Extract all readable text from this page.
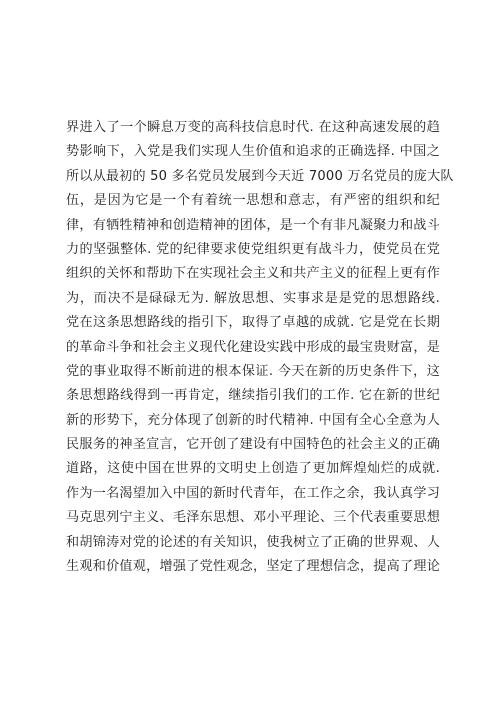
界进入了一个瞬息万变的高科技信息时代. 在这种高速发展的趋
势影响下，入党是我们实现人生价值和追求的正确选择. 中国之
所以从最初的 50 多名党员发展到今天近 7000 万名党员的庞大队
伍，是因为它是一个有着统一思想和意志，有严密的组织和纪
律，有牺牲精神和创造精神的团体，是一个有非凡凝聚力和战斗
力的坚强整体. 党的纪律要求使党组织更有战斗力，使党员在党
组织的关怀和帮助下在实现社会主义和共产主义的征程上更有作
为，而决不是碌碌无为. 解放思想、实事求是是党的思想路线.
党在这条思想路线的指引下，取得了卓越的成就. 它是党在长期
的革命斗争和社会主义现代化建设实践中形成的最宝贵财富，是
党的事业取得不断前进的根本保证. 今天在新的历史条件下，这
条思想路线得到一再肯定，继续指引我们的工作. 它在新的世纪
新的形势下，充分体现了创新的时代精神. 中国有全心全意为人
民服务的神圣宣言，它开创了建设有中国特色的社会主义的正确
道路，这使中国在世界的文明史上创造了更加辉煌灿烂的成就.
作为一名渴望加入中国的新时代青年，在工作之余，我认真学习
马克思列宁主义、毛泽东思想、邓小平理论、三个代表重要思想
和胡锦涛对党的论述的有关知识，使我树立了正确的世界观、人
生观和价值观，增强了党性观念，坚定了理想信念，提高了理论
